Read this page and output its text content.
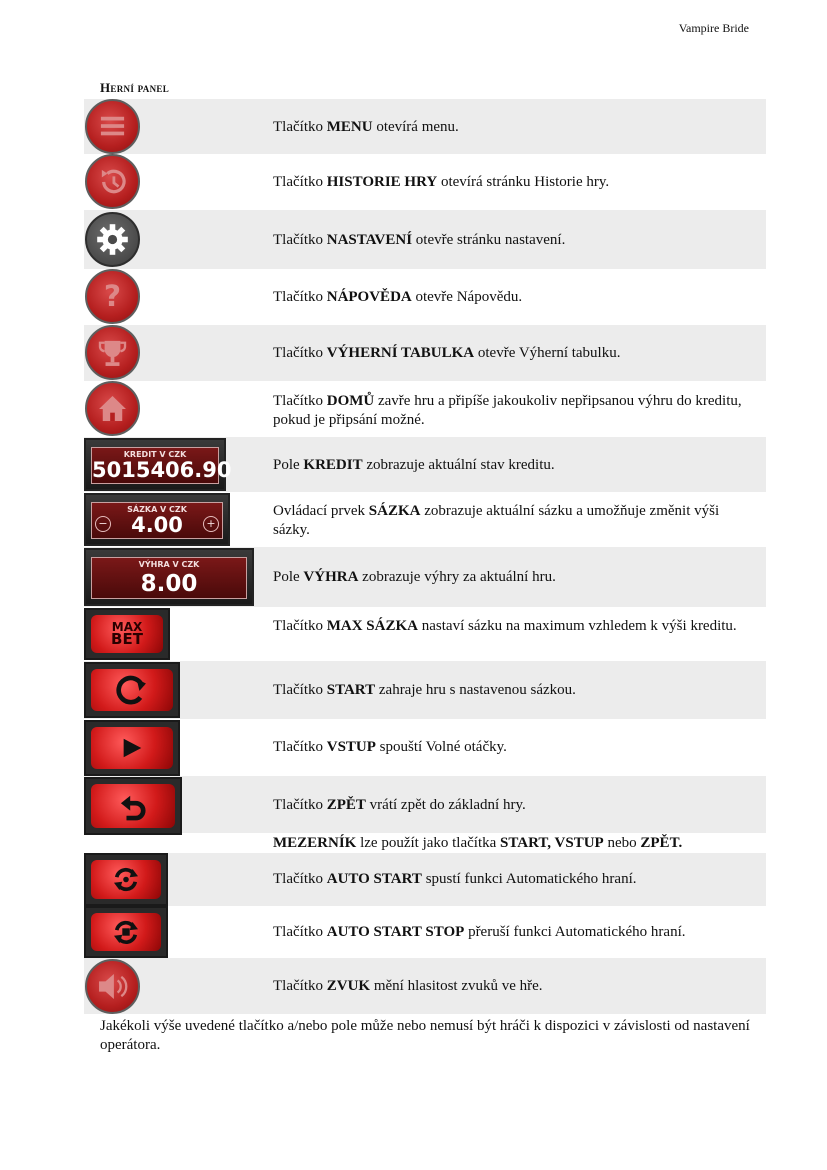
Vampire Bride
Herní panel
Tlačítko MENU otevírá menu.
Tlačítko HISTORIE HRY otevírá stránku Historie hry.
Tlačítko NASTAVENÍ otevře stránku nastavení.
?	Tlačítko NÁPOVĚDA otevře Nápovědu.
Tlačítko VÝHERNÍ TABULKA otevře Výherní tabulku.
Tlačítko DOMŮ zavře hru a připíše jakoukoliv nepřipsanou výhru do kreditu, pokud je připsání možné.
KREDIT V CZK
5015406.90	Pole KREDIT zobrazuje aktuální stav kreditu.
SÁZKA V CZK
4.00
−	+
Ovládací prvek SÁZKA zobrazuje aktuální sázku a umožňuje změnit výši sázky.
VÝHRA V CZK
8.00	Pole VÝHRA zobrazuje výhry za aktuální hru.
MAX
BET
Tlačítko MAX SÁZKA nastaví sázku na maximum vzhledem k výši kreditu.
Tlačítko START zahraje hru s nastavenou sázkou.
Tlačítko VSTUP spouští Volné otáčky.
Tlačítko ZPĚT vrátí zpět do základní hry.
MEZERNÍK lze použít jako tlačítka START, VSTUP nebo ZPĚT.
Tlačítko AUTO START spustí funkci Automatického hraní.
Tlačítko AUTO START STOP přeruší funkci Automatického hraní.
Tlačítko ZVUK mění hlasitost zvuků ve hře.
Jakékoli výše uvedené tlačítko a/nebo pole může nebo nemusí být hráči k dispozici v závislosti od nastavení operátora.
